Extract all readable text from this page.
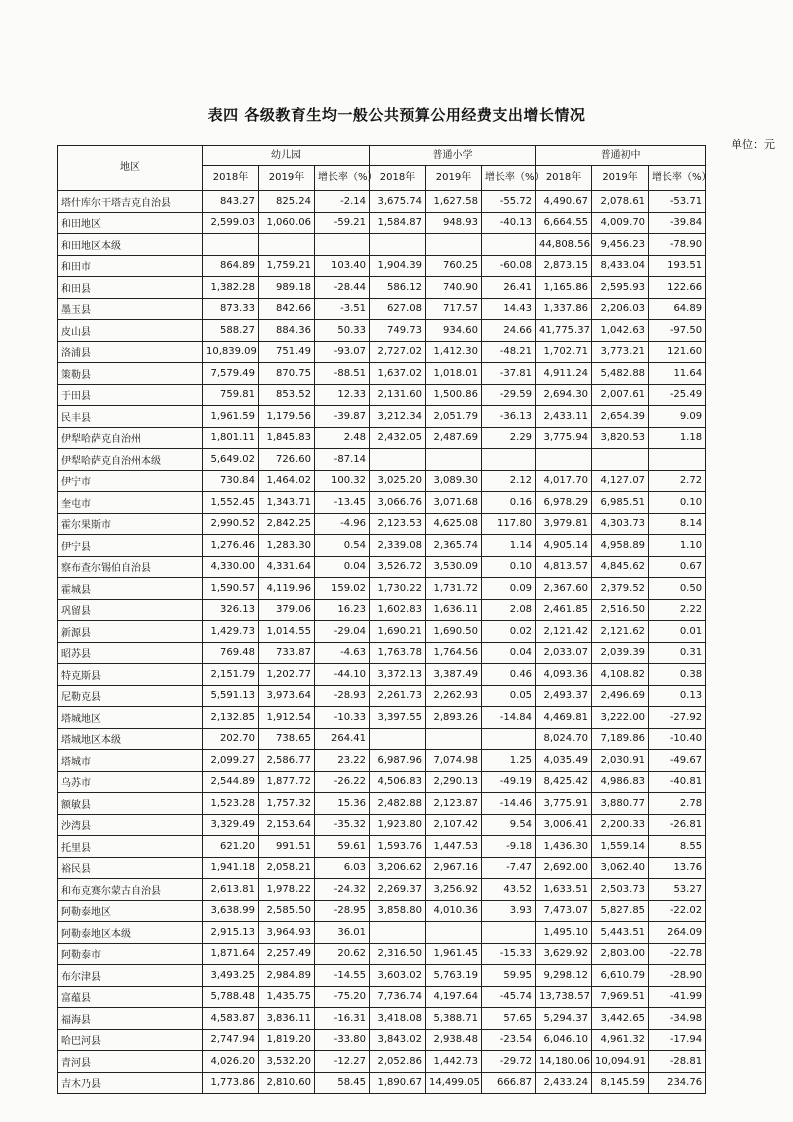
表四 各级教育生均一般公共预算公用经费支出增长情况
单位：元
地区	幼儿园			普通小学			普通初中		
	2018年	2019年	增长率（%）	2018年	2019年	增长率（%）	2018年	2019年	增长率（%）
塔什库尔干塔吉克自治县	843.27	825.24	-2.14	3,675.74	1,627.58	-55.72	4,490.67	2,078.61	-53.71
和田地区	2,599.03	1,060.06	-59.21	1,584.87	948.93	-40.13	6,664.55	4,009.70	-39.84
和田地区本级							44,808.56	9,456.23	-78.90
和田市	864.89	1,759.21	103.40	1,904.39	760.25	-60.08	2,873.15	8,433.04	193.51
和田县	1,382.28	989.18	-28.44	586.12	740.90	26.41	1,165.86	2,595.93	122.66
墨玉县	873.33	842.66	-3.51	627.08	717.57	14.43	1,337.86	2,206.03	64.89
皮山县	588.27	884.36	50.33	749.73	934.60	24.66	41,775.37	1,042.63	-97.50
洛浦县	10,839.09	751.49	-93.07	2,727.02	1,412.30	-48.21	1,702.71	3,773.21	121.60
策勒县	7,579.49	870.75	-88.51	1,637.02	1,018.01	-37.81	4,911.24	5,482.88	11.64
于田县	759.81	853.52	12.33	2,131.60	1,500.86	-29.59	2,694.30	2,007.61	-25.49
民丰县	1,961.59	1,179.56	-39.87	3,212.34	2,051.79	-36.13	2,433.11	2,654.39	9.09
伊犁哈萨克自治州	1,801.11	1,845.83	2.48	2,432.05	2,487.69	2.29	3,775.94	3,820.53	1.18
伊犁哈萨克自治州本级	5,649.02	726.60	-87.14						
伊宁市	730.84	1,464.02	100.32	3,025.20	3,089.30	2.12	4,017.70	4,127.07	2.72
奎屯市	1,552.45	1,343.71	-13.45	3,066.76	3,071.68	0.16	6,978.29	6,985.51	0.10
霍尔果斯市	2,990.52	2,842.25	-4.96	2,123.53	4,625.08	117.80	3,979.81	4,303.73	8.14
伊宁县	1,276.46	1,283.30	0.54	2,339.08	2,365.74	1.14	4,905.14	4,958.89	1.10
察布查尔锡伯自治县	4,330.00	4,331.64	0.04	3,526.72	3,530.09	0.10	4,813.57	4,845.62	0.67
霍城县	1,590.57	4,119.96	159.02	1,730.22	1,731.72	0.09	2,367.60	2,379.52	0.50
巩留县	326.13	379.06	16.23	1,602.83	1,636.11	2.08	2,461.85	2,516.50	2.22
新源县	1,429.73	1,014.55	-29.04	1,690.21	1,690.50	0.02	2,121.42	2,121.62	0.01
昭苏县	769.48	733.87	-4.63	1,763.78	1,764.56	0.04	2,033.07	2,039.39	0.31
特克斯县	2,151.79	1,202.77	-44.10	3,372.13	3,387.49	0.46	4,093.36	4,108.82	0.38
尼勒克县	5,591.13	3,973.64	-28.93	2,261.73	2,262.93	0.05	2,493.37	2,496.69	0.13
塔城地区	2,132.85	1,912.54	-10.33	3,397.55	2,893.26	-14.84	4,469.81	3,222.00	-27.92
塔城地区本级	202.70	738.65	264.41				8,024.70	7,189.86	-10.40
塔城市	2,099.27	2,586.77	23.22	6,987.96	7,074.98	1.25	4,035.49	2,030.91	-49.67
乌苏市	2,544.89	1,877.72	-26.22	4,506.83	2,290.13	-49.19	8,425.42	4,986.83	-40.81
额敏县	1,523.28	1,757.32	15.36	2,482.88	2,123.87	-14.46	3,775.91	3,880.77	2.78
沙湾县	3,329.49	2,153.64	-35.32	1,923.80	2,107.42	9.54	3,006.41	2,200.33	-26.81
托里县	621.20	991.51	59.61	1,593.76	1,447.53	-9.18	1,436.30	1,559.14	8.55
裕民县	1,941.18	2,058.21	6.03	3,206.62	2,967.16	-7.47	2,692.00	3,062.40	13.76
和布克赛尔蒙古自治县	2,613.81	1,978.22	-24.32	2,269.37	3,256.92	43.52	1,633.51	2,503.73	53.27
阿勒泰地区	3,638.99	2,585.50	-28.95	3,858.80	4,010.36	3.93	7,473.07	5,827.85	-22.02
阿勒泰地区本级	2,915.13	3,964.93	36.01				1,495.10	5,443.51	264.09
阿勒泰市	1,871.64	2,257.49	20.62	2,316.50	1,961.45	-15.33	3,629.92	2,803.00	-22.78
布尔津县	3,493.25	2,984.89	-14.55	3,603.02	5,763.19	59.95	9,298.12	6,610.79	-28.90
富蕴县	5,788.48	1,435.75	-75.20	7,736.74	4,197.64	-45.74	13,738.57	7,969.51	-41.99
福海县	4,583.87	3,836.11	-16.31	3,418.08	5,388.71	57.65	5,294.37	3,442.65	-34.98
哈巴河县	2,747.94	1,819.20	-33.80	3,843.02	2,938.48	-23.54	6,046.10	4,961.32	-17.94
青河县	4,026.20	3,532.20	-12.27	2,052.86	1,442.73	-29.72	14,180.06	10,094.91	-28.81
吉木乃县	1,773.86	2,810.60	58.45	1,890.67	14,499.05	666.87	2,433.24	8,145.59	234.76
